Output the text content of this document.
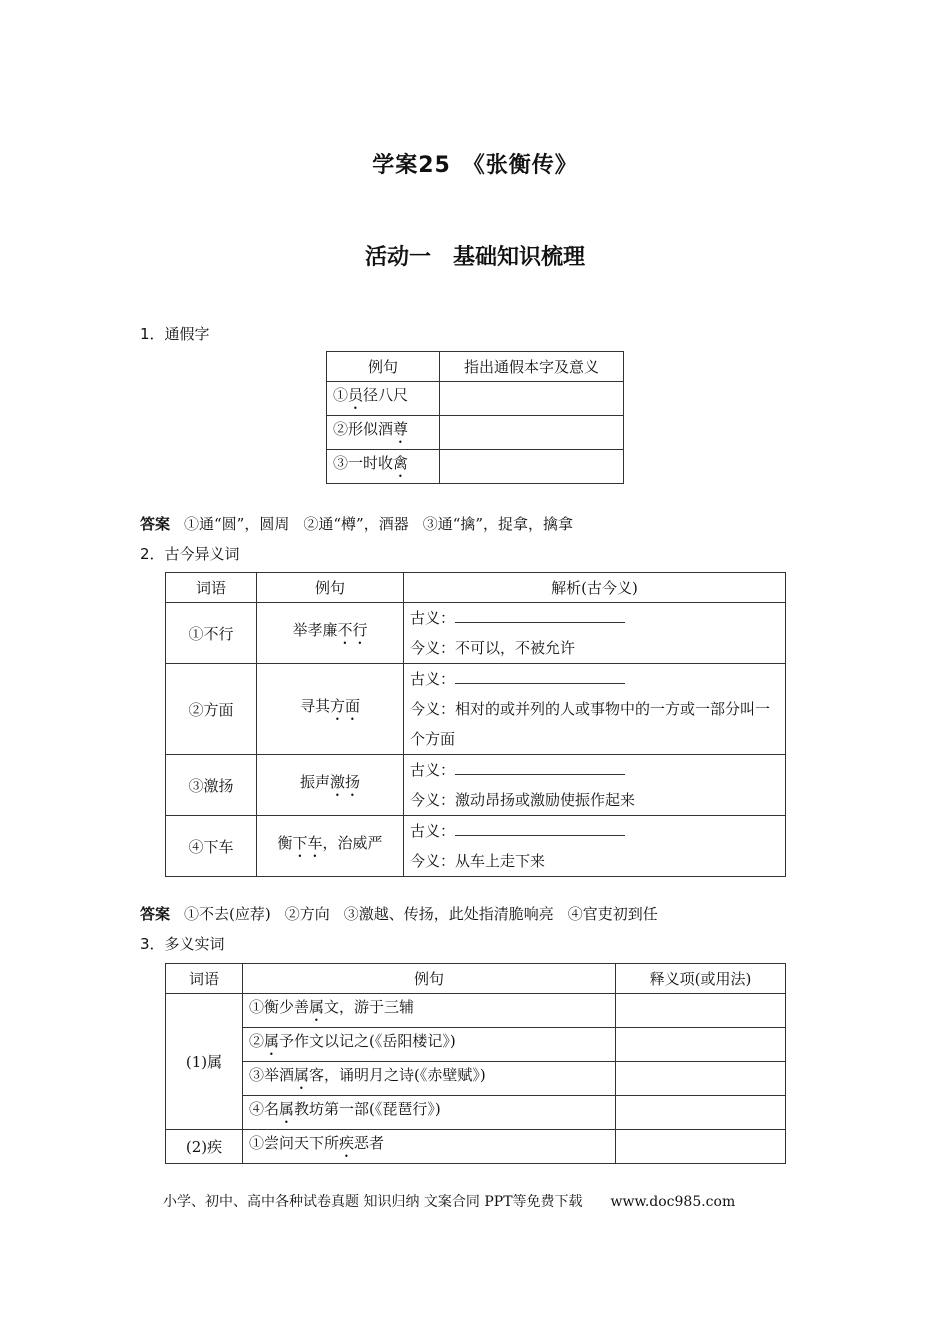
学案25　《张衡传》
活动一　基础知识梳理
1．通假字
例句	指出通假本字及意义
①员径八尺	
②形似酒尊	
③一时收禽	
答案 ①通“圆”，圆周 ②通“樽”，酒器 ③通“擒”，捉拿，擒拿
2．古今异义词
词语	例句	解析(古今义)
①不行	举孝廉不行	古义：
今义：不可以，不被允许

②方面	寻其方面	古义：
今义：相对的或并列的人或事物中的一方或一部分叫一个方面

③激扬	振声激扬	古义：
今义：激动昂扬或激励使振作起来

④下车	衡下车，治威严	古义：
今义：从车上走下来
答案 ①不去(应荐) ②方向 ③激越、传扬，此处指清脆响亮 ④官吏初到任
3．多义实词
词语	例句	释义项(或用法)
(1)属	①衡少善属文，游于三辅	
	②属予作文以记之(《岳阳楼记》)	
	③举酒属客，诵明月之诗(《赤壁赋》)	
	④名属教坊第一部(《琵琶行》)	
(2)疾	①尝问天下所疾恶者	
小学、初中、高中各种试卷真题 知识归纳 文案合同 PPT等免费下载 www.doc985.com
